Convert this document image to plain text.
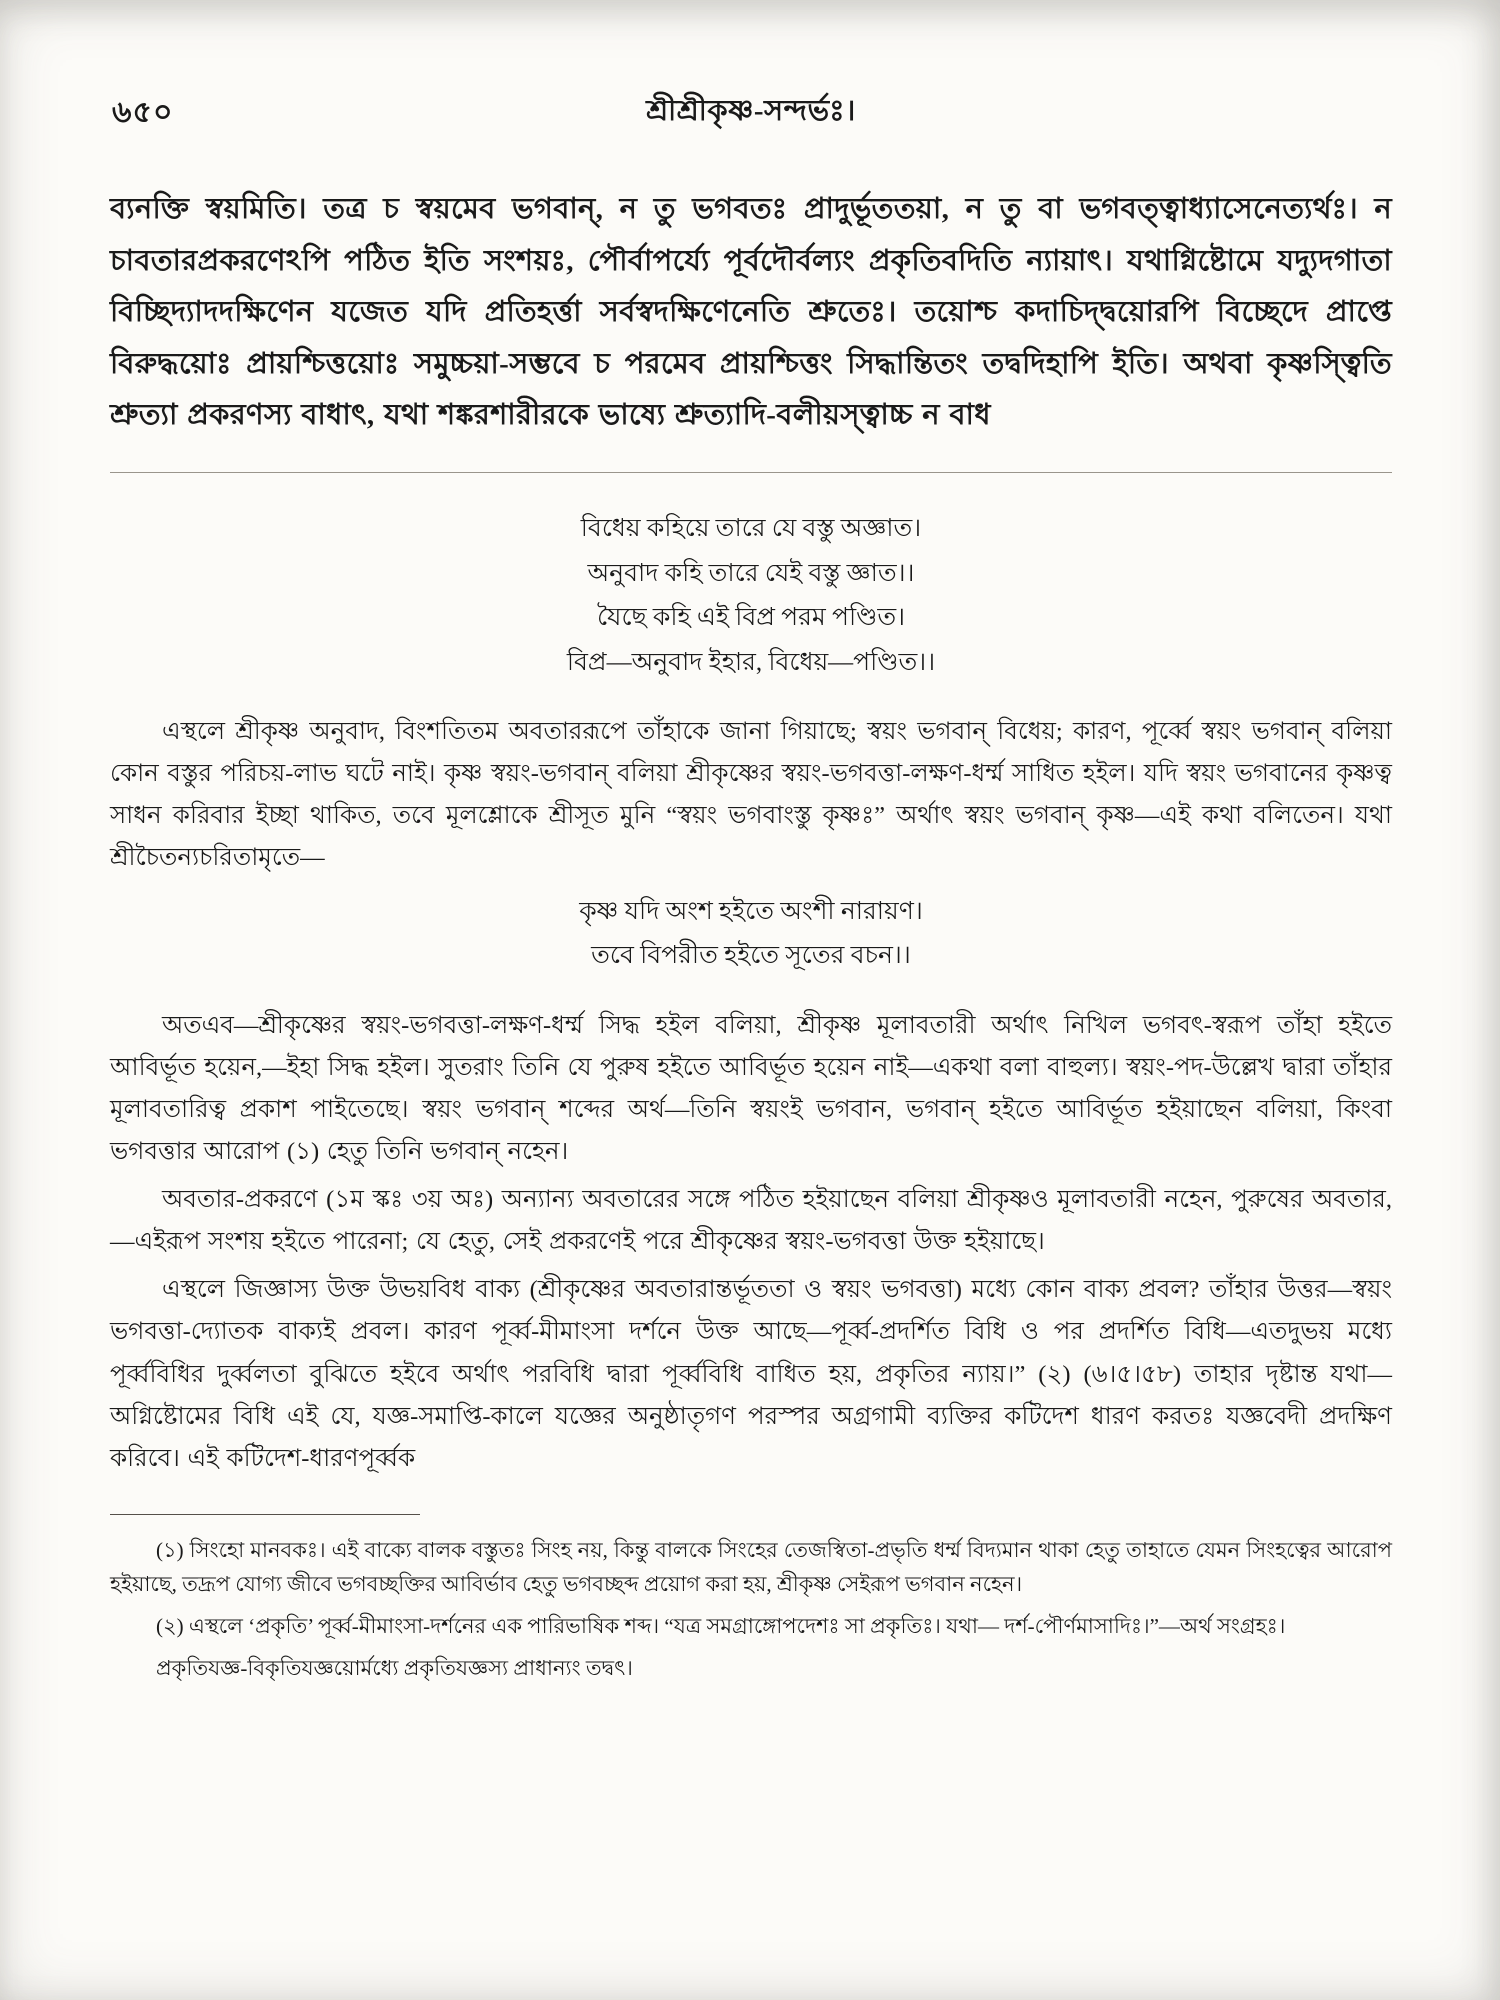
৬৫০	শ্রীশ্রীকৃষ্ণ-সন্দর্ভঃ।

ব্যনক্তি স্বয়মিতি। তত্র চ স্বয়মেব ভগবান্, ন তু ভগবতঃ প্রাদুর্ভূততয়া, ন তু বা ভগবত্ত্বাধ্যাসেনেত্যর্থঃ। ন চাবতারপ্রকরণেঽপি পঠিত ইতি সংশয়ঃ, পৌর্বাপর্য্যে পূর্বদৌর্বল্যং প্রকৃতিবদিতি ন্যায়াৎ। যথাগ্নিষ্টোমে যদ্যুদগাতা বিচ্ছিদ্যাদদক্ষিণেন যজেত যদি প্রতিহর্ত্তা সর্বস্বদক্ষিণেনেতি শ্রুতেঃ। তয়োশ্চ কদাচিদ্দ্বয়োরপি বিচ্ছেদে প্রাপ্তে বিরুদ্ধয়োঃ প্রায়শ্চিত্তয়োঃ সমুচ্চয়া-সম্ভবে চ পরমেব প্রায়শ্চিত্তং সিদ্ধান্তিতং তদ্বদিহাপি ইতি। অথবা কৃষ্ণস্ত্বিতি শ্রুত্যা প্রকরণস্য বাধাৎ, যথা শঙ্করশারীরকে ভাষ্যে শ্রুত্যাদি-বলীয়স্ত্বাচ্চ ন বাধ

বিধেয় কহিয়ে তারে যে বস্তু অজ্ঞাত।
অনুবাদ কহি তারে যেই বস্তু জ্ঞাত।।
যৈছে কহি এই বিপ্র পরম পণ্ডিত।
বিপ্র—অনুবাদ ইহার, বিধেয়—পণ্ডিত।।

এস্থলে শ্রীকৃষ্ণ অনুবাদ, বিংশতিতম অবতাররূপে তাঁহাকে জানা গিয়াছে; স্বয়ং ভগবান্ বিধেয়; কারণ, পূর্ব্বে স্বয়ং ভগবান্ বলিয়া কোন বস্তুর পরিচয়-লাভ ঘটে নাই। কৃষ্ণ স্বয়ং-ভগবান্ বলিয়া শ্রীকৃষ্ণের স্বয়ং-ভগবত্তা-লক্ষণ-ধর্ম্ম সাধিত হইল। যদি স্বয়ং ভগবানের কৃষ্ণত্ব সাধন করিবার ইচ্ছা থাকিত, তবে মূলশ্লোকে শ্রীসূত মুনি “স্বয়ং ভগবাংস্তু কৃষ্ণঃ” অর্থাৎ স্বয়ং ভগবান্ কৃষ্ণ—এই কথা বলিতেন। যথা শ্রীচৈতন্যচরিতামৃতে—

কৃষ্ণ যদি অংশ হইতে অংশী নারায়ণ।
তবে বিপরীত হইতে সূতের বচন।।

অতএব—শ্রীকৃষ্ণের স্বয়ং-ভগবত্তা-লক্ষণ-ধর্ম্ম সিদ্ধ হইল বলিয়া, শ্রীকৃষ্ণ মূলাবতারী অর্থাৎ নিখিল ভগবৎ-স্বরূপ তাঁহা হইতে আবির্ভূত হয়েন,—ইহা সিদ্ধ হইল। সুতরাং তিনি যে পুরুষ হইতে আবির্ভূত হয়েন নাই—একথা বলা বাহুল্য। স্বয়ং-পদ-উল্লেখ দ্বারা তাঁহার মূলাবতারিত্ব প্রকাশ পাইতেছে। স্বয়ং ভগবান্ শব্দের অর্থ—তিনি স্বয়ংই ভগবান, ভগবান্ হইতে আবির্ভূত হইয়াছেন বলিয়া, কিংবা ভগবত্তার আরোপ (১) হেতু তিনি ভগবান্ নহেন।

অবতার-প্রকরণে (১ম স্কঃ ৩য় অঃ) অন্যান্য অবতারের সঙ্গে পঠিত হইয়াছেন বলিয়া শ্রীকৃষ্ণও মূলাবতারী নহেন, পুরুষের অবতার,—এইরূপ সংশয় হইতে পারেনা; যে হেতু, সেই প্রকরণেই পরে শ্রীকৃষ্ণের স্বয়ং-ভগবত্তা উক্ত হইয়াছে।

এস্থলে জিজ্ঞাস্য উক্ত উভয়বিধ বাক্য (শ্রীকৃষ্ণের অবতারান্তর্ভূততা ও স্বয়ং ভগবত্তা) মধ্যে কোন বাক্য প্রবল? তাঁহার উত্তর—স্বয়ং ভগবত্তা-দ্যোতক বাক্যই প্রবল। কারণ পূর্ব্ব-মীমাংসা দর্শনে উক্ত আছে—পূর্ব্ব-প্রদর্শিত বিধি ও পর প্রদর্শিত বিধি—এতদুভয় মধ্যে পূর্ব্ববিধির দুর্ব্বলতা বুঝিতে হইবে অর্থাৎ পরবিধি দ্বারা পূর্ব্ববিধি বাধিত হয়, প্রকৃতির ন্যায়।” (২) (৬।৫।৫৮) তাহার দৃষ্টান্ত যথা—অগ্নিষ্টোমের বিধি এই যে, যজ্ঞ-সমাপ্তি-কালে যজ্ঞের অনুষ্ঠাতৃগণ পরস্পর অগ্রগামী ব্যক্তির কটিদেশ ধারণ করতঃ যজ্ঞবেদী প্রদক্ষিণ করিবে। এই কটিদেশ-ধারণপূর্ব্বক

(১) সিংহো মানবকঃ। এই বাক্যে বালক বস্তুতঃ সিংহ নয়, কিন্তু বালকে সিংহের তেজস্বিতা-প্রভৃতি ধর্ম্ম বিদ্যমান থাকা হেতু তাহাতে যেমন সিংহত্বের আরোপ হইয়াছে, তদ্রূপ যোগ্য জীবে ভগবচ্ছক্তির আবির্ভাব হেতু ভগবচ্ছব্দ প্রয়োগ করা হয়, শ্রীকৃষ্ণ সেইরূপ ভগবান নহেন।

(২) এস্থলে ‘প্রকৃতি’ পূর্ব্ব-মীমাংসা-দর্শনের এক পারিভাষিক শব্দ। “যত্র সমগ্রাঙ্গোপদেশঃ সা প্রকৃতিঃ। যথা— দর্শ-পৌর্ণমাসাদিঃ।”—অর্থ সংগ্রহঃ।

প্রকৃতিযজ্ঞ-বিকৃতিযজ্ঞয়োর্মধ্যে প্রকৃতিযজ্ঞস্য প্রাধান্যং তদ্বৎ।
